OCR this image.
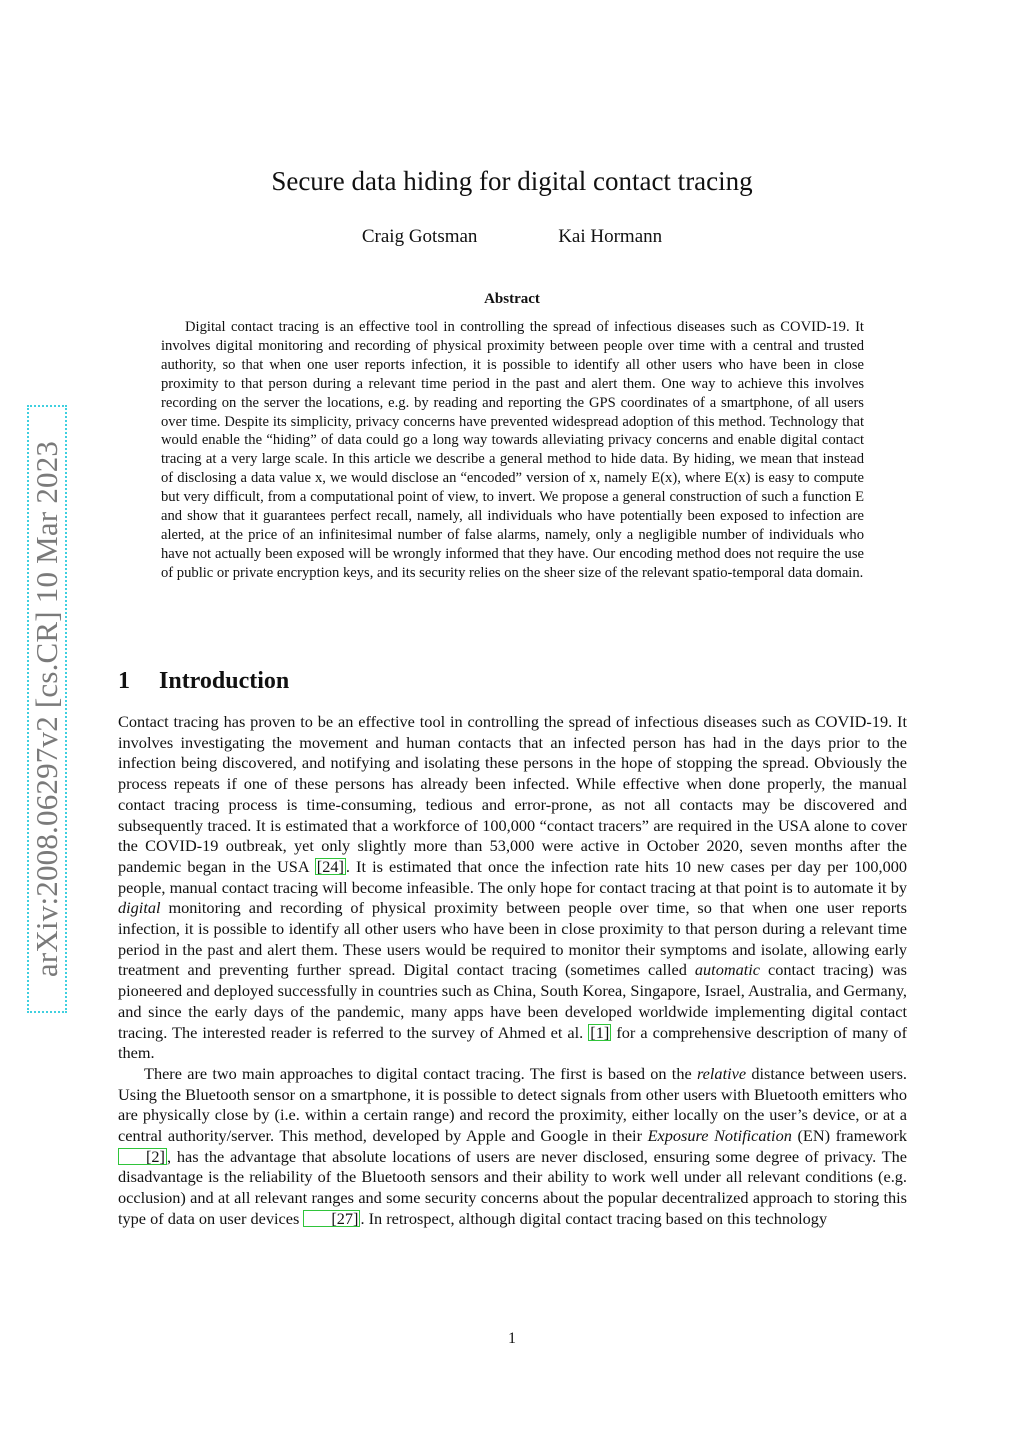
arXiv:2008.06297v2 [cs.CR] 10 Mar 2023
Secure data hiding for digital contact tracing
Craig Gotsman	Kai Hormann
Abstract

Digital contact tracing is an effective tool in controlling the spread of infectious diseases such as COVID-19. It involves digital monitoring and recording of physical proximity between people over time with a central and trusted authority, so that when one user reports infection, it is possible to identify all other users who have been in close proximity to that person during a relevant time period in the past and alert them. One way to achieve this involves recording on the server the locations, e.g. by reading and reporting the GPS coordinates of a smartphone, of all users over time. Despite its simplicity, privacy concerns have prevented widespread adoption of this method. Technology that would enable the “hiding” of data could go a long way towards alleviating privacy concerns and enable digital contact tracing at a very large scale. In this article we describe a general method to hide data. By hiding, we mean that instead of disclosing a data value x, we would disclose an “encoded” version of x, namely E(x), where E(x) is easy to compute but very difficult, from a computational point of view, to invert. We propose a general construction of such a function E and show that it guarantees perfect recall, namely, all individuals who have potentially been exposed to infection are alerted, at the price of an infinitesimal number of false alarms, namely, only a negligible number of individuals who have not actually been exposed will be wrongly informed that they have. Our encoding method does not require the use of public or private encryption keys, and its security relies on the sheer size of the relevant spatio-temporal data domain.

1 Introduction

Contact tracing has proven to be an effective tool in controlling the spread of infectious diseases such as COVID-19. It involves investigating the movement and human contacts that an infected person has had in the days prior to the infection being discovered, and notifying and isolating these persons in the hope of stopping the spread. Obviously the process repeats if one of these persons has already been infected. While effective when done properly, the manual contact tracing process is time-consuming, tedious and error-prone, as not all contacts may be discovered and subsequently traced. It is estimated that a workforce of 100,000 “contact tracers” are required in the USA alone to cover the COVID-19 outbreak, yet only slightly more than 53,000 were active in October 2020, seven months after the pandemic began in the USA [24] . It is estimated that once the infection rate hits 10 new cases per day per 100,000 people, manual contact tracing will become infeasible. The only hope for contact tracing at that point is to automate it by digital monitoring and recording of physical proximity between people over time, so that when one user reports infection, it is possible to identify all other users who have been in close proximity to that person during a relevant time period in the past and alert them. These users would be required to monitor their symptoms and isolate, allowing early treatment and preventing further spread. Digital contact tracing (sometimes called automatic contact tracing) was pioneered and deployed successfully in countries such as China, South Korea, Singapore, Israel, Australia, and Germany, and since the early days of the pandemic, many apps have been developed worldwide implementing digital contact tracing. The interested reader is referred to the survey of Ahmed et al. [1] for a comprehensive description of many of them.

There are two main approaches to digital contact tracing. The first is based on the relative distance between users. Using the Bluetooth sensor on a smartphone, it is possible to detect signals from other users with Bluetooth emitters who are physically close by (i.e. within a certain range) and record the proximity, either locally on the user’s device, or at a central authority/server. This method, developed by Apple and Google in their Exposure Notification (EN) framework [2] , has the advantage that absolute locations of users are never disclosed, ensuring some degree of privacy. The disadvantage is the reliability of the Bluetooth sensors and their ability to work well under all relevant conditions (e.g. occlusion) and at all relevant ranges and some security concerns about the popular decentralized approach to storing this type of data on user devices [27] . In retrospect, although digital contact tracing based on this technology

1
